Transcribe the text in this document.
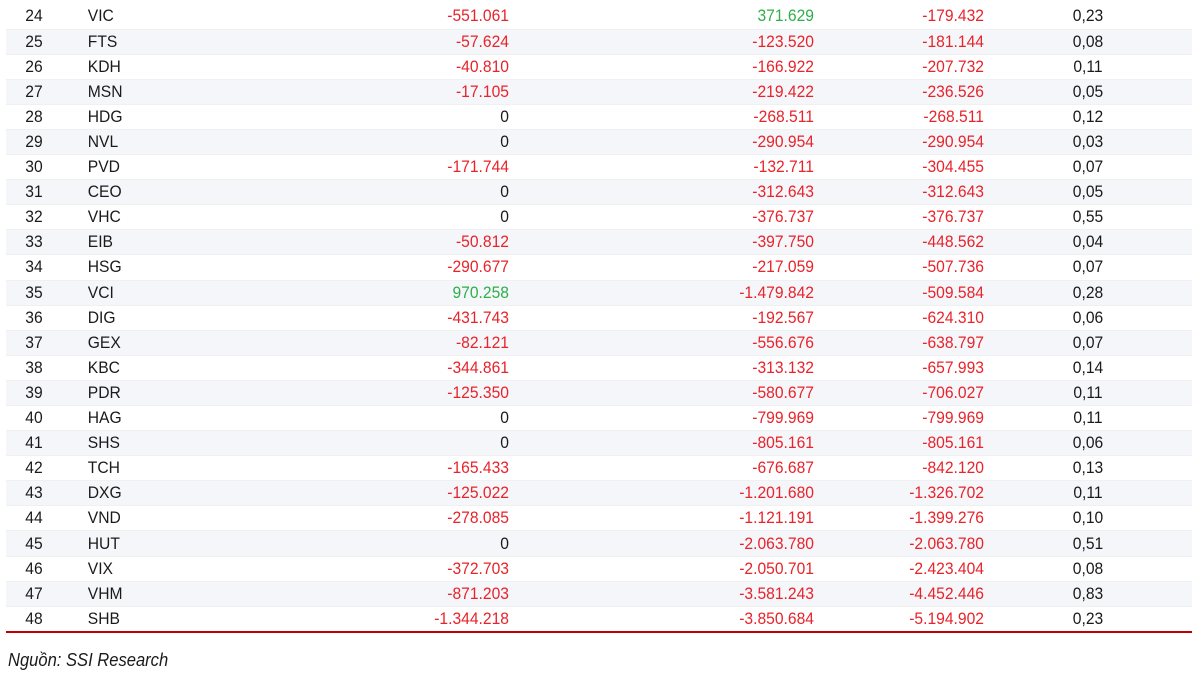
24	VIC	-551.061	371.629	-179.432	0,23
25	FTS	-57.624	-123.520	-181.144	0,08
26	KDH	-40.810	-166.922	-207.732	0,11
27	MSN	-17.105	-219.422	-236.526	0,05
28	HDG	0	-268.511	-268.511	0,12
29	NVL	0	-290.954	-290.954	0,03
30	PVD	-171.744	-132.711	-304.455	0,07
31	CEO	0	-312.643	-312.643	0,05
32	VHC	0	-376.737	-376.737	0,55
33	EIB	-50.812	-397.750	-448.562	0,04
34	HSG	-290.677	-217.059	-507.736	0,07
35	VCI	970.258	-1.479.842	-509.584	0,28
36	DIG	-431.743	-192.567	-624.310	0,06
37	GEX	-82.121	-556.676	-638.797	0,07
38	KBC	-344.861	-313.132	-657.993	0,14
39	PDR	-125.350	-580.677	-706.027	0,11
40	HAG	0	-799.969	-799.969	0,11
41	SHS	0	-805.161	-805.161	0,06
42	TCH	-165.433	-676.687	-842.120	0,13
43	DXG	-125.022	-1.201.680	-1.326.702	0,11
44	VND	-278.085	-1.121.191	-1.399.276	0,10
45	HUT	0	-2.063.780	-2.063.780	0,51
46	VIX	-372.703	-2.050.701	-2.423.404	0,08
47	VHM	-871.203	-3.581.243	-4.452.446	0,83
48	SHB	-1.344.218	-3.850.684	-5.194.902	0,23
Nguồn: SSI Research
